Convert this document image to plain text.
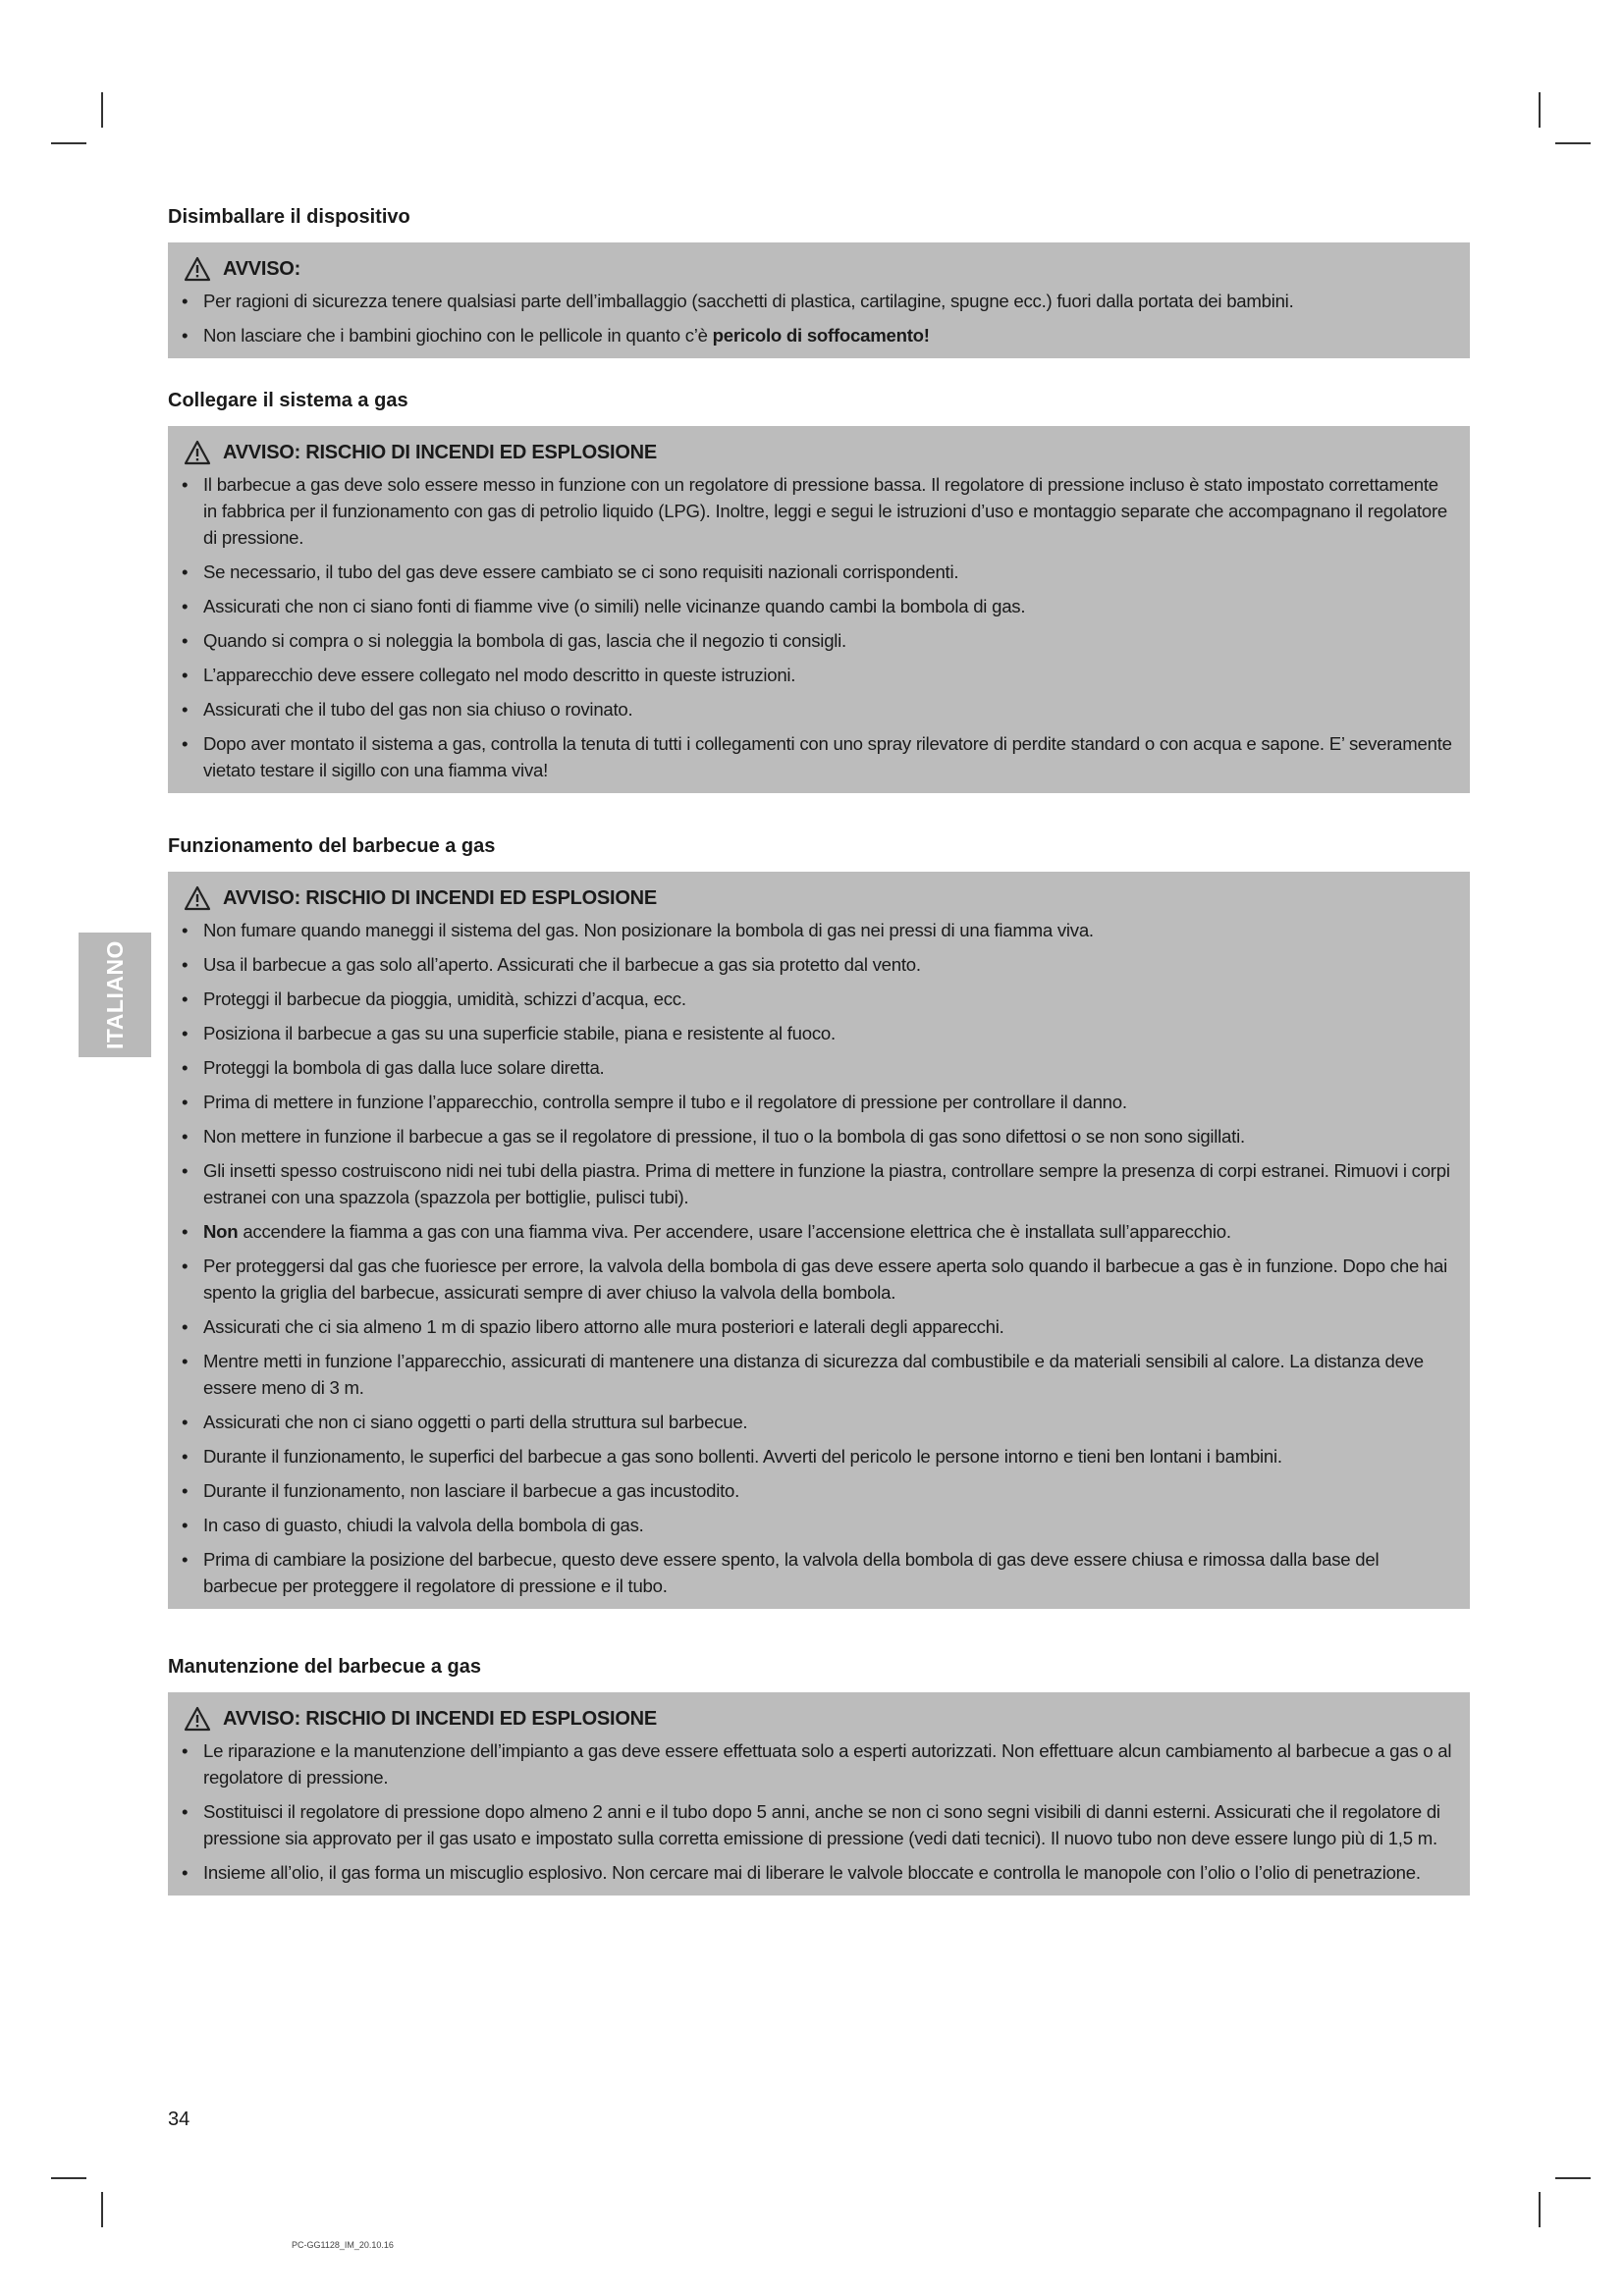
ITALIANO
Disimballare il dispositivo
AVVISO:
• Per ragioni di sicurezza tenere qualsiasi parte dell’imballaggio (sacchetti di plastica, cartilagine, spugne ecc.) fuori dalla portata dei bambini.
• Non lasciare che i bambini giochino con le pellicole in quanto c’è pericolo di soffocamento!
Collegare il sistema a gas
AVVISO: RISCHIO DI INCENDI ED ESPLOSIONE
• Il barbecue a gas deve solo essere messo in funzione con un regolatore di pressione bassa. Il regolatore di pressione incluso è stato impostato correttamente in fabbrica per il funzionamento con gas di petrolio liquido (LPG). Inoltre, leggi e segui le istruzioni d’uso e montaggio separate che accompagnano il regolatore di pressione.
• Se necessario, il tubo del gas deve essere cambiato se ci sono requisiti nazionali corrispondenti.
• Assicurati che non ci siano fonti di fiamme vive (o simili) nelle vicinanze quando cambi la bombola di gas.
• Quando si compra o si noleggia la bombola di gas, lascia che il negozio ti consigli.
• L’apparecchio deve essere collegato nel modo descritto in queste istruzioni.
• Assicurati che il tubo del gas non sia chiuso o rovinato.
• Dopo aver montato il sistema a gas, controlla la tenuta di tutti i collegamenti con uno spray rilevatore di perdite standard o con acqua e sapone. E’ severamente vietato testare il sigillo con una fiamma viva!
Funzionamento del barbecue a gas
AVVISO: RISCHIO DI INCENDI ED ESPLOSIONE
• Non fumare quando maneggi il sistema del gas. Non posizionare la bombola di gas nei pressi di una fiamma viva.
• Usa il barbecue a gas solo all’aperto. Assicurati che il barbecue a gas sia protetto dal vento.
• Proteggi il barbecue da pioggia, umidità, schizzi d’acqua, ecc.
• Posiziona il barbecue a gas su una superficie stabile, piana e resistente al fuoco.
• Proteggi la bombola di gas dalla luce solare diretta.
• Prima di mettere in funzione l’apparecchio, controlla sempre il tubo e il regolatore di pressione per controllare il danno.
• Non mettere in funzione il barbecue a gas se il regolatore di pressione, il tuo o la bombola di gas sono difettosi o se non sono sigillati.
• Gli insetti spesso costruiscono nidi nei tubi della piastra. Prima di mettere in funzione la piastra, controllare sempre la presenza di corpi estranei. Rimuovi i corpi estranei con una spazzola (spazzola per bottiglie, pulisci tubi).
• Non accendere la fiamma a gas con una fiamma viva. Per accendere, usare l’accensione elettrica che è installata sull’apparecchio.
• Per proteggersi dal gas che fuoriesce per errore, la valvola della bombola di gas deve essere aperta solo quando il barbecue a gas è in funzione. Dopo che hai spento la griglia del barbecue, assicurati sempre di aver chiuso la valvola della bombola.
• Assicurati che ci sia almeno 1 m di spazio libero attorno alle mura posteriori e laterali degli apparecchi.
• Mentre metti in funzione l’apparecchio, assicurati di mantenere una distanza di sicurezza dal combustibile e da materiali sensibili al calore. La distanza deve essere meno di 3 m.
• Assicurati che non ci siano oggetti o parti della struttura sul barbecue.
• Durante il funzionamento, le superfici del barbecue a gas sono bollenti. Avverti del pericolo le persone intorno e tieni ben lontani i bambini.
• Durante il funzionamento, non lasciare il barbecue a gas incustodito.
• In caso di guasto, chiudi la valvola della bombola di gas.
• Prima di cambiare la posizione del barbecue, questo deve essere spento, la valvola della bombola di gas deve essere chiusa e rimossa dalla base del barbecue per proteggere il regolatore di pressione e il tubo.
Manutenzione del barbecue a gas
AVVISO: RISCHIO DI INCENDI ED ESPLOSIONE
• Le riparazione e la manutenzione dell’impianto a gas deve essere effettuata solo a esperti autorizzati. Non effettuare alcun cambiamento al barbecue a gas o al regolatore di pressione.
• Sostituisci il regolatore di pressione dopo almeno 2 anni e il tubo dopo 5 anni, anche se non ci sono segni visibili di danni esterni. Assicurati che il regolatore di pressione sia approvato per il gas usato e impostato sulla corretta emissione di pressione (vedi dati tecnici). Il nuovo tubo non deve essere lungo più di 1,5 m.
• Insieme all’olio, il gas forma un miscuglio esplosivo. Non cercare mai di liberare le valvole bloccate e controlla le manopole con l’olio o l’olio di penetrazione.
34
PC-GG1128_IM_20.10.16
